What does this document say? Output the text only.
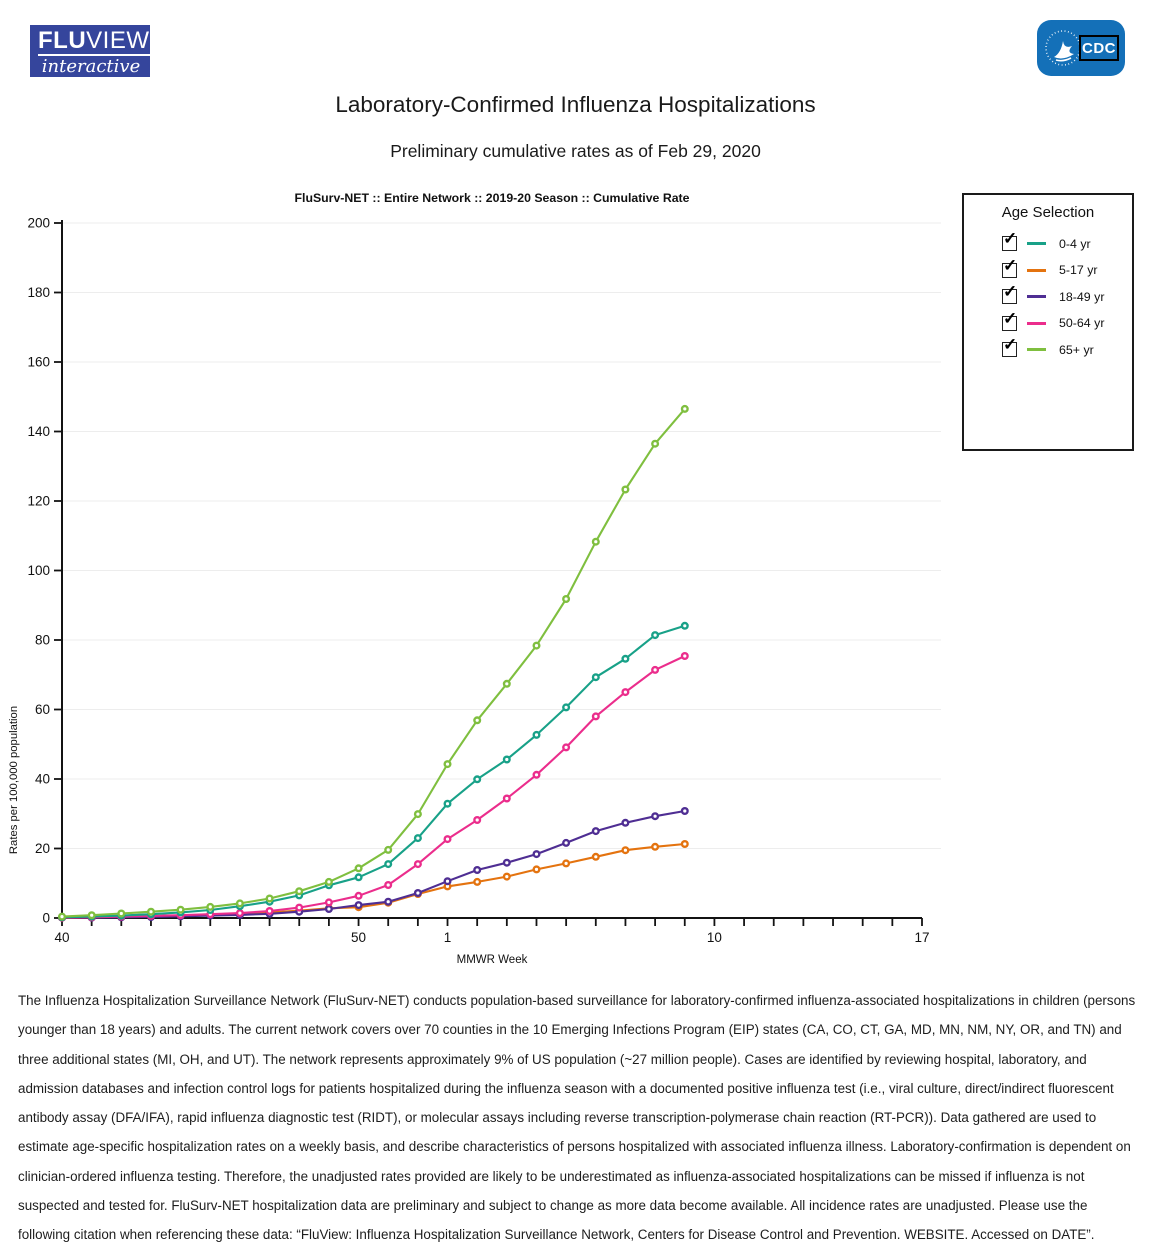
FLUVIEW
interactive
CDC
Laboratory-Confirmed Influenza Hospitalizations
Preliminary cumulative rates as of Feb 29, 2020
FluSurv-NET :: Entire Network :: 2019-20 Season :: Cumulative Rate
Age Selection
✓	0-4 yr
✓	5-17 yr
✓	18-49 yr
✓	50-64 yr
✓	65+ yr
0
20
40
60
80
100
120
140
160
180
200
40	50	1	10	17
MMWR Week
Rates per 100,000 population
The Influenza Hospitalization Surveillance Network (FluSurv-NET) conducts population-based surveillance for laboratory-confirmed influenza-associated hospitalizations in children (persons younger than 18 years) and adults. The current network covers over 70 counties in the 10 Emerging Infections Program (EIP) states (CA, CO, CT, GA, MD, MN, NM, NY, OR, and TN) and three additional states (MI, OH, and UT). The network represents approximately 9% of US population (~27 million people). Cases are identified by reviewing hospital, laboratory, and admission databases and infection control logs for patients hospitalized during the influenza season with a documented positive influenza test (i.e., viral culture, direct/indirect fluorescent antibody assay (DFA/IFA), rapid influenza diagnostic test (RIDT), or molecular assays including reverse transcription-polymerase chain reaction (RT-PCR)). Data gathered are used to estimate age-specific hospitalization rates on a weekly basis, and describe characteristics of persons hospitalized with associated influenza illness. Laboratory-confirmation is dependent on clinician-ordered influenza testing. Therefore, the unadjusted rates provided are likely to be underestimated as influenza-associated hospitalizations can be missed if influenza is not suspected and tested for. FluSurv-NET hospitalization data are preliminary and subject to change as more data become available. All incidence rates are unadjusted. Please use the following citation when referencing these data: “FluView: Influenza Hospitalization Surveillance Network, Centers for Disease Control and Prevention. WEBSITE. Accessed on DATE”.
